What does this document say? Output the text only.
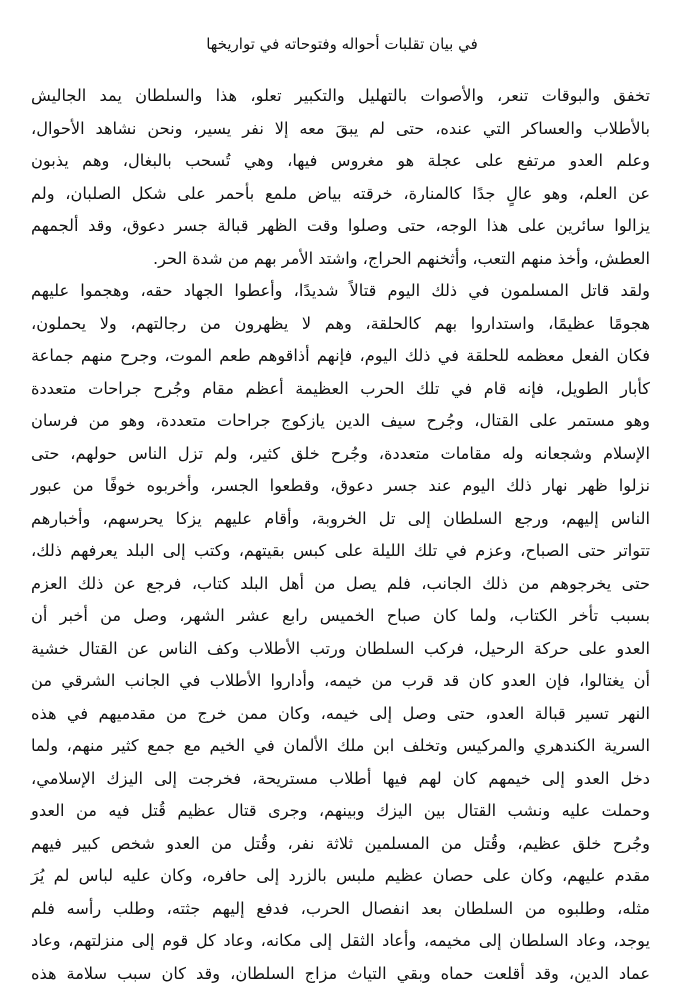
في بيان تقلبات أحواله وفتوحاته في تواريخها
تخفق والبوقات تنعر، والأصوات بالتهليل والتكبير تعلو، هذا والسلطان يمد الجاليش
بالأطلاب والعساكر التي عنده، حتى لم يبقَ معه إلا نفر يسير، ونحن نشاهد الأحوال،
وعلم العدو مرتفع على عجلة هو مغروس فيها، وهي تُسحب بالبغال، وهم يذبون
عن العلم، وهو عالٍ جدًا كالمنارة، خرقته بياض ملمع بأحمر على شكل الصلبان، ولم
يزالوا سائرين على هذا الوجه، حتى وصلوا وقت الظهر قبالة جسر دعوق، وقد ألجمهم
العطش، وأخذ منهم التعب، وأثخنهم الحراج، واشتد الأمر بهم من شدة الحر.
ولقد قاتل المسلمون في ذلك اليوم قتالاً شديدًا، وأعطوا الجهاد حقه، وهجموا عليهم
هجومًا عظيمًا، واستداروا بهم كالحلقة، وهم لا يظهرون من رجالتهم، ولا يحملون،
فكان الفعل معظمه للحلقة في ذلك اليوم، فإنهم أذاقوهم طعم الموت، وجرح منهم جماعة
كأبار الطويل، فإنه قام في تلك الحرب العظيمة أعظم مقام وجُرح جراحات متعددة
وهو مستمر على القتال، وجُرح سيف الدين يازكوج جراحات متعددة، وهو من فرسان
الإسلام وشجعانه وله مقامات متعددة، وجُرح خلق كثير، ولم تزل الناس حولهم، حتى
نزلوا ظهر نهار ذلك اليوم عند جسر دعوق، وقطعوا الجسر، وأخربوه خوفًا من عبور
الناس إليهم، ورجع السلطان إلى تل الخروبة، وأقام عليهم يزكا يحرسهم، وأخبارهم
تتواتر حتى الصباح، وعزم في تلك الليلة على كبس بقيتهم، وكتب إلى البلد يعرفهم ذلك،
حتى يخرجوهم من ذلك الجانب، فلم يصل من أهل البلد كتاب، فرجع عن ذلك العزم
بسبب تأخر الكتاب، ولما كان صباح الخميس رابع عشر الشهر، وصل من أخبر أن
العدو على حركة الرحيل، فركب السلطان ورتب الأطلاب وكف الناس عن القتال خشية
أن يغتالوا، فإن العدو كان قد قرب من خيمه، وأداروا الأطلاب في الجانب الشرقي من
النهر تسير قبالة العدو، حتى وصل إلى خيمه، وكان ممن خرج من مقدميهم في هذه
السرية الكندهري والمركيس وتخلف ابن ملك الألمان في الخيم مع جمع كثير منهم، ولما
دخل العدو إلى خيمهم كان لهم فيها أطلاب مستريحة، فخرجت إلى اليزك الإسلامي،
وحملت عليه ونشب القتال بين اليزك وبينهم، وجرى قتال عظيم قُتل فيه من العدو
وجُرح خلق عظيم، وقُتل من المسلمين ثلاثة نفر، وقُتل من العدو شخص كبير فيهم
مقدم عليهم، وكان على حصان عظيم ملبس بالزرد إلى حافره، وكان عليه لباس لم يُرَ
مثله، وطلبوه من السلطان بعد انفصال الحرب، فدفع إليهم جثته، وطلب رأسه فلم
يوجد، وعاد السلطان إلى مخيمه، وأعاد الثقل إلى مكانه، وعاد كل قوم إلى منزلتهم، وعاد
عماد الدين، وقد أقلعت حماه وبقي التياث مزاج السلطان، وقد كان سبب سلامة هذه
